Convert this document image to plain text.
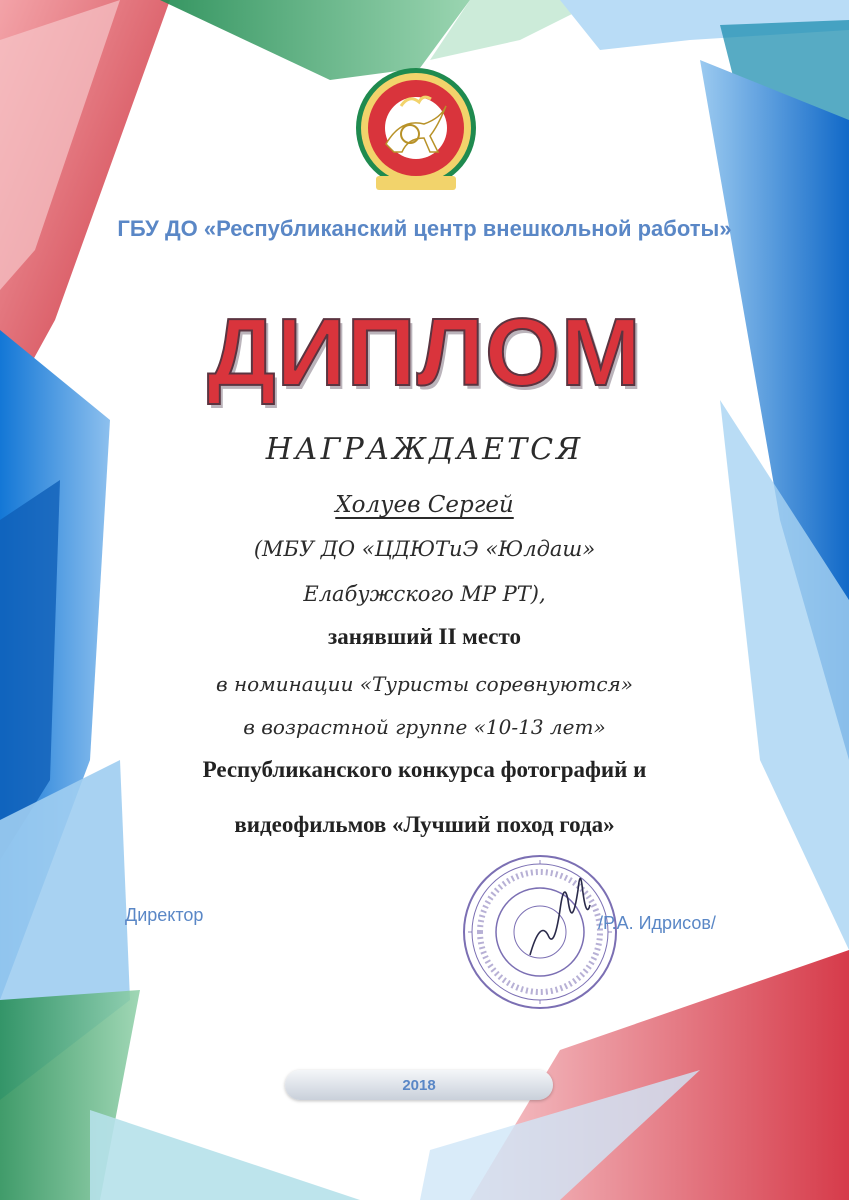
ГБУ ДО «Республиканский центр внешкольной работы»
ДИПЛОМ
НАГРАЖДАЕТСЯ
Холуев Сергей
(МБУ ДО «ЦДЮТиЭ «Юлдаш»
Елабужского МР РТ),
занявший II место
в номинации «Туристы соревнуются»
в возрастной группе «10-13 лет»
Республиканского конкурса фотографий и
видеофильмов «Лучший поход года»
Директор	/Р.А. Идрисов/
2018
